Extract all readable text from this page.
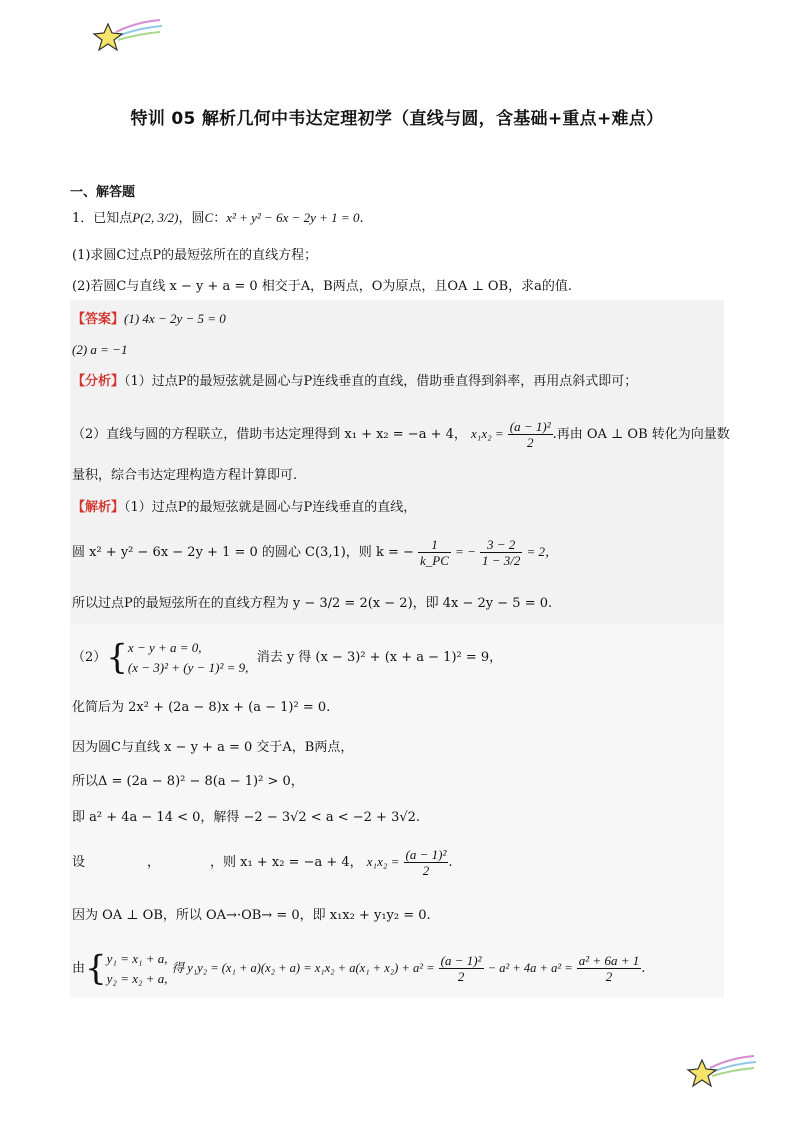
特训 05 解析几何中韦达定理初学（直线与圆，含基础+重点+难点）
一、解答题
1．已知点P(2, 3/2)，圆C：x² + y² − 6x − 2y + 1 = 0.
(1)求圆C过点P的最短弦所在的直线方程；
(2)若圆C与直线 x − y + a = 0 相交于A，B两点，O为原点，且OA ⊥ OB，求a的值.
【答案】(1) 4x − 2y − 5 = 0
(2) a = −1
【分析】（1）过点P的最短弦就是圆心与P连线垂直的直线，借助垂直得到斜率，再用点斜式即可；
（2）直线与圆的方程联立，借助韦达定理得到 x₁ + x₂ = −a + 4， $x_1x_2 = \frac{\text{(a − 1)²}}{2}$ .再由 OA ⊥ OB 转化为向量数
量积，综合韦达定理构造方程计算即可.
【解析】（1）过点P的最短弦就是圆心与P连线垂直的直线，
圆 x² + y² − 6x − 2y + 1 = 0 的圆心 C(3,1)，则 k = − $\frac{1}{k\_PC}$ = − $\frac{3 - 2}{1 - 3/2} = 2$，
所以过点P的最短弦所在的直线方程为 y − 3/2 = 2(x − 2)，即 4x − 2y − 5 = 0.
（2）{ x − y + a = 0,
(x − 3)² + (y − 1)² = 9,
消去 y 得 (x − 3)² + (x + a − 1)² = 9，
化简后为 2x² + (2a − 8)x + (a − 1)² = 0.
因为圆C与直线 x − y + a = 0 交于A，B两点，
所以Δ = (2a − 8)² − 8(a − 1)² > 0，
即 a² + 4a − 14 < 0，解得 −2 − 3√2 < a < −2 + 3√2.
设	，	，则 x₁ + x₂ = −a + 4， $x_1x_2 = \frac{\text{(a − 1)²}}{2}$ .
因为 OA ⊥ OB，所以 OA→·OB→ = 0，即 x₁x₂ + y₁y₂ = 0.
由{ y₁ = x₁ + a,
y₂ = x₂ + a,
得 $y_1y_2 = (x_1 + a)(x_2 + a) = x_1x_2 + a(x_1 + x_2) + a^2 = \frac{\text{(a − 1)²}}{2} - a^2 + 4a + a^2 = \frac{\text{a² + 6a + 1}}{2}$ .
